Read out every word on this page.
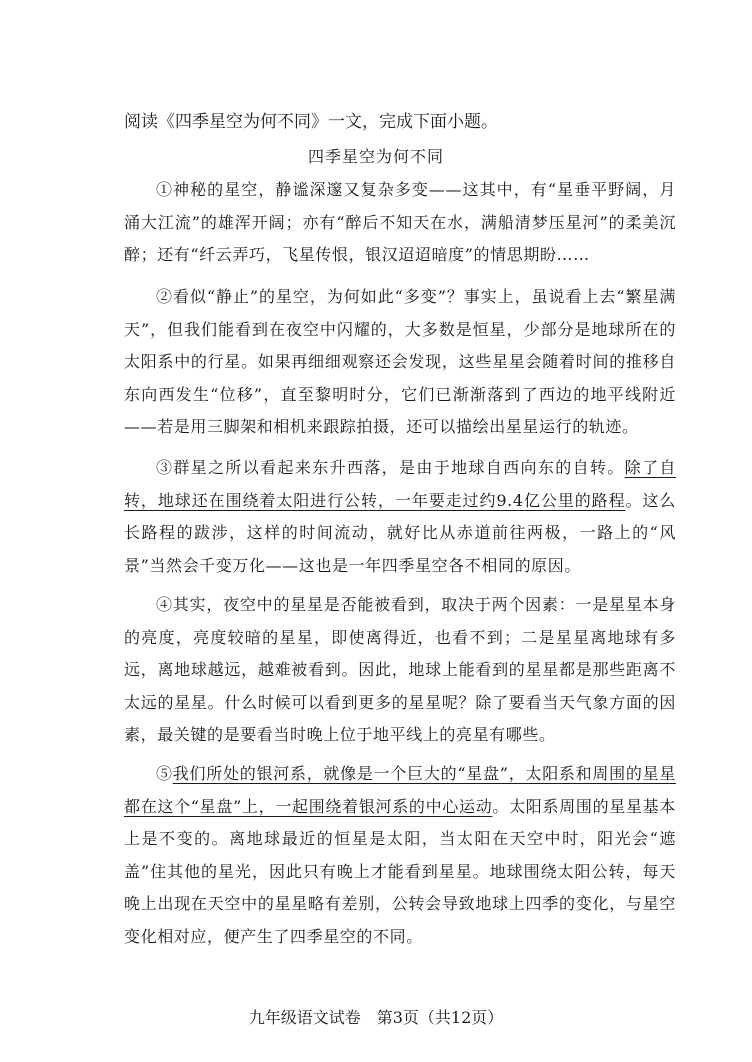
阅读《四季星空为何不同》一文，完成下面小题。
四季星空为何不同
①神秘的星空，静谧深邃又复杂多变——这其中，有“星垂平野阔，月涌大江流”的雄浑开阔；亦有“醉后不知天在水，满船清梦压星河”的柔美沉醉；还有“纤云弄巧，飞星传恨，银汉迢迢暗度”的情思期盼……
②看似“静止”的星空，为何如此“多变”？事实上，虽说看上去“繁星满天”，但我们能看到在夜空中闪耀的，大多数是恒星，少部分是地球所在的太阳系中的行星。如果再细细观察还会发现，这些星星会随着时间的推移自东向西发生“位移”，直至黎明时分，它们已渐渐落到了西边的地平线附近——若是用三脚架和相机来跟踪拍摄，还可以描绘出星星运行的轨迹。
③群星之所以看起来东升西落，是由于地球自西向东的自转。除了自转，地球还在围绕着太阳进行公转，一年要走过约9.4亿公里的路程。这么长路程的跋涉，这样的时间流动，就好比从赤道前往两极，一路上的“风景”当然会千变万化——这也是一年四季星空各不相同的原因。
④其实，夜空中的星星是否能被看到，取决于两个因素：一是星星本身的亮度，亮度较暗的星星，即使离得近，也看不到；二是星星离地球有多远，离地球越远，越难被看到。因此，地球上能看到的星星都是那些距离不太远的星星。什么时候可以看到更多的星星呢？除了要看当天气象方面的因素，最关键的是要看当时晚上位于地平线上的亮星有哪些。
⑤我们所处的银河系，就像是一个巨大的“星盘”，太阳系和周围的星星都在这个“星盘”上，一起围绕着银河系的中心运动。太阳系周围的星星基本上是不变的。离地球最近的恒星是太阳，当太阳在天空中时，阳光会“遮盖”住其他的星光，因此只有晚上才能看到星星。地球围绕太阳公转，每天晚上出现在天空中的星星略有差别，公转会导致地球上四季的变化，与星空变化相对应，便产生了四季星空的不同。
九年级语文试卷　第3页（共12页）
